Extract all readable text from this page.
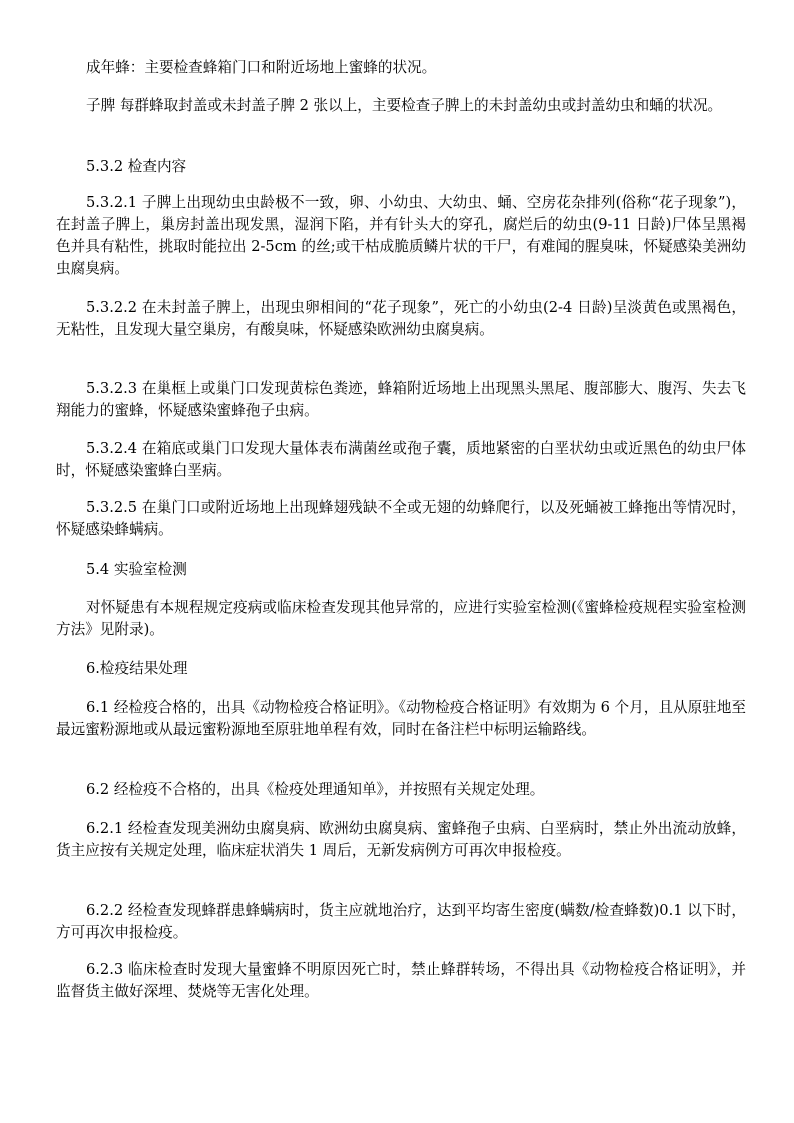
成年蜂：主要检查蜂箱门口和附近场地上蜜蜂的状况。

子脾 每群蜂取封盖或未封盖子脾 2 张以上，主要检查子脾上的未封盖幼虫或封盖幼虫和蛹的状况。

5.3.2 检查内容

5.3.2.1 子脾上出现幼虫虫龄极不一致，卵、小幼虫、大幼虫、蛹、空房花杂排列(俗称“花子现象”)，在封盖子脾上，巢房封盖出现发黑，湿润下陷，并有针头大的穿孔，腐烂后的幼虫(9-11 日龄)尸体呈黑褐色并具有粘性，挑取时能拉出 2-5cm 的丝;或干枯成脆质鳞片状的干尸，有难闻的腥臭味，怀疑感染美洲幼虫腐臭病。

5.3.2.2 在未封盖子脾上，出现虫卵相间的“花子现象”，死亡的小幼虫(2-4 日龄)呈淡黄色或黑褐色，无粘性，且发现大量空巢房，有酸臭味，怀疑感染欧洲幼虫腐臭病。

5.3.2.3 在巢框上或巢门口发现黄棕色粪迹，蜂箱附近场地上出现黑头黑尾、腹部膨大、腹泻、失去飞翔能力的蜜蜂，怀疑感染蜜蜂孢子虫病。

5.3.2.4 在箱底或巢门口发现大量体表布满菌丝或孢子囊，质地紧密的白垩状幼虫或近黑色的幼虫尸体时，怀疑感染蜜蜂白垩病。

5.3.2.5 在巢门口或附近场地上出现蜂翅残缺不全或无翅的幼蜂爬行，以及死蛹被工蜂拖出等情况时，怀疑感染蜂螨病。

5.4 实验室检测

对怀疑患有本规程规定疫病或临床检查发现其他异常的，应进行实验室检测(《蜜蜂检疫规程实验室检测方法》见附录)。

6.检疫结果处理

6.1 经检疫合格的，出具《动物检疫合格证明》。《动物检疫合格证明》有效期为 6 个月，且从原驻地至最远蜜粉源地或从最远蜜粉源地至原驻地单程有效，同时在备注栏中标明运输路线。

6.2 经检疫不合格的，出具《检疫处理通知单》，并按照有关规定处理。

6.2.1 经检查发现美洲幼虫腐臭病、欧洲幼虫腐臭病、蜜蜂孢子虫病、白垩病时，禁止外出流动放蜂，货主应按有关规定处理，临床症状消失 1 周后，无新发病例方可再次申报检疫。

6.2.2 经检查发现蜂群患蜂螨病时，货主应就地治疗，达到平均寄生密度(螨数/检查蜂数)0.1 以下时，方可再次申报检疫。

6.2.3 临床检查时发现大量蜜蜂不明原因死亡时，禁止蜂群转场，不得出具《动物检疫合格证明》，并监督货主做好深埋、焚烧等无害化处理。
